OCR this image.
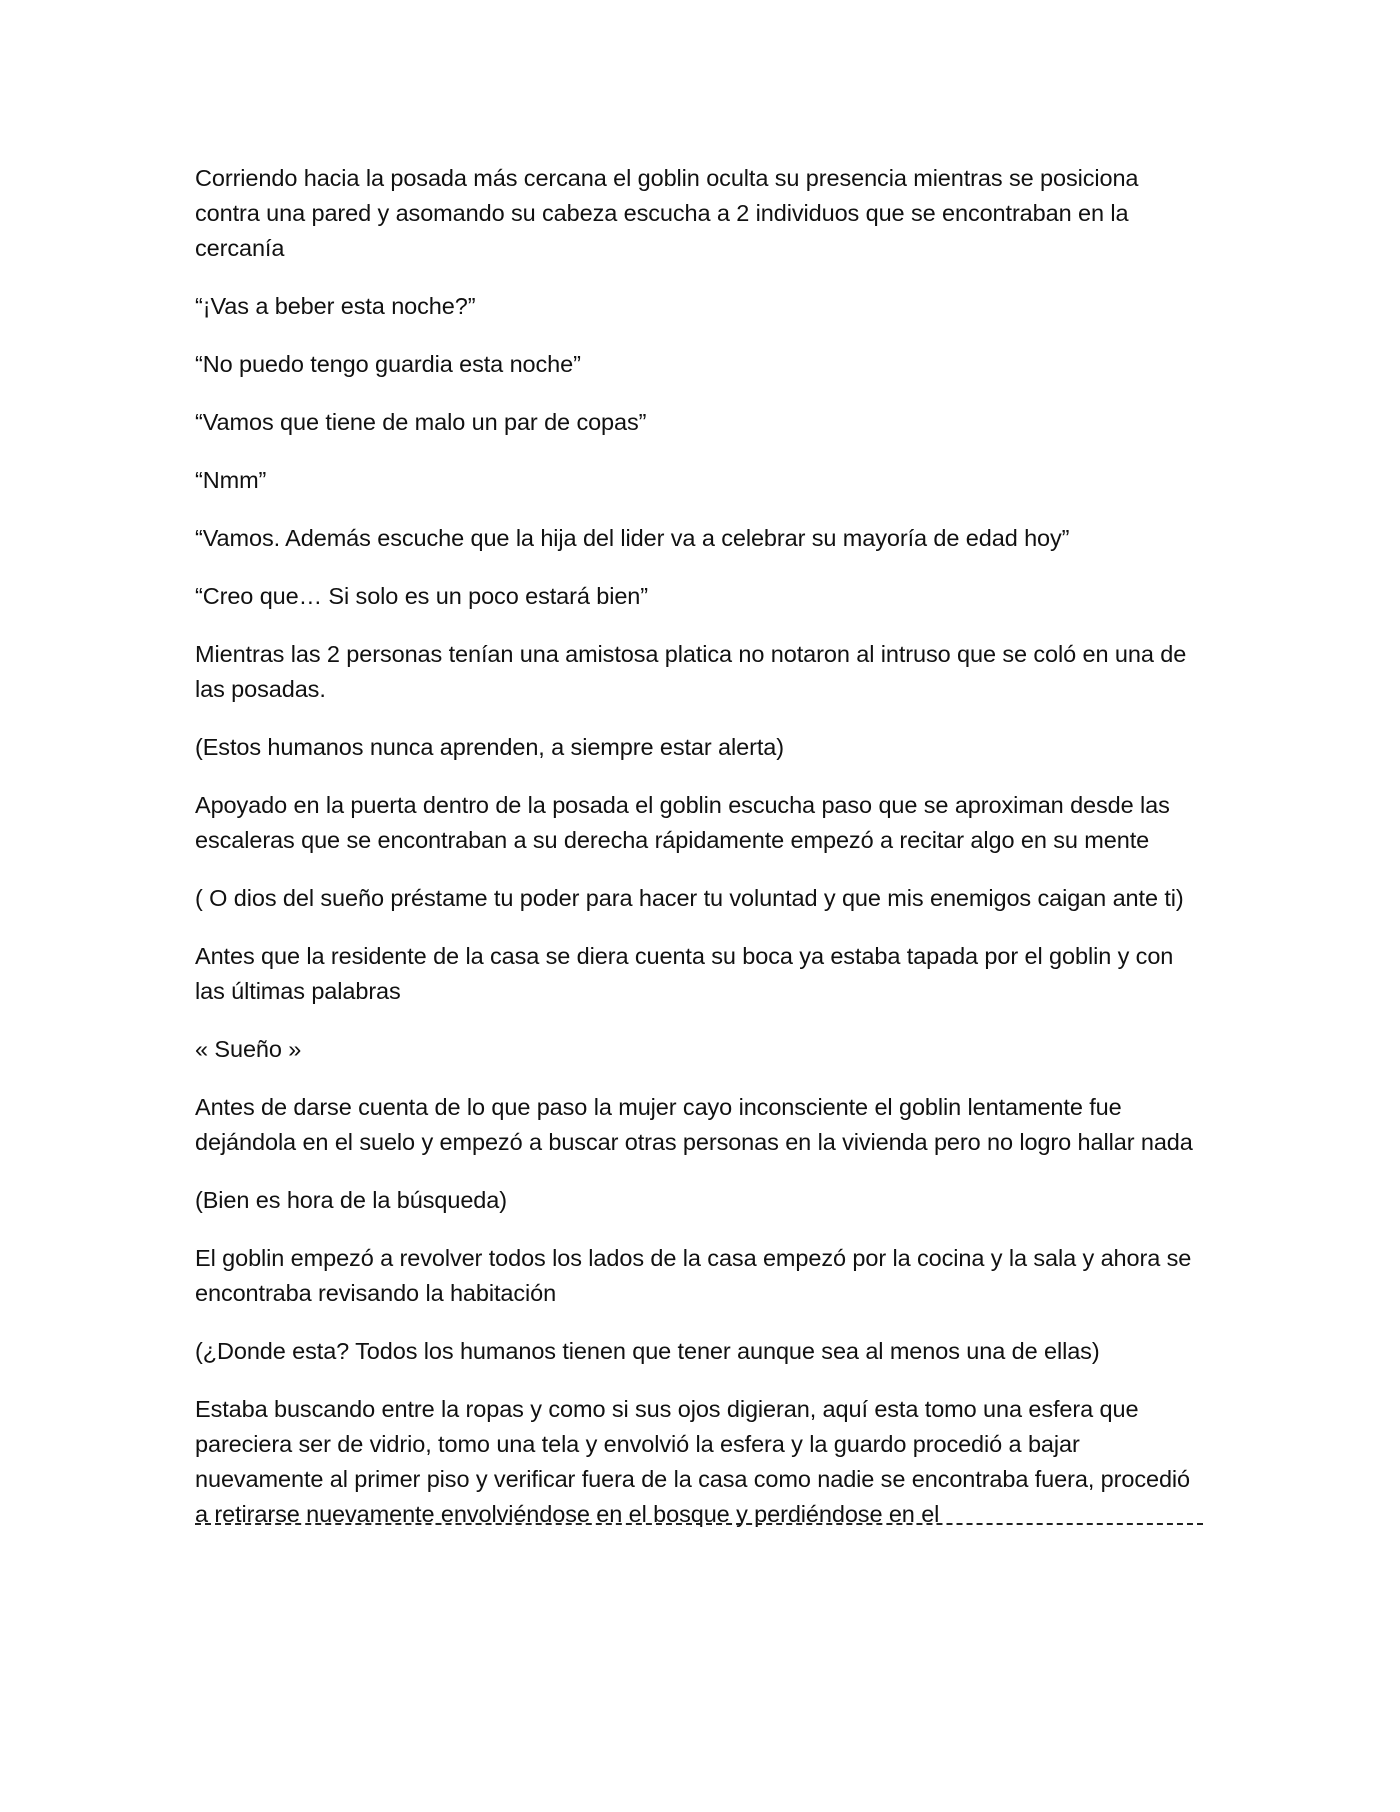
Corriendo hacia la posada más cercana el goblin oculta su presencia mientras se posiciona contra una pared y asomando su cabeza escucha a 2 individuos que se encontraban en la cercanía

“¡Vas a beber esta noche?”

“No puedo tengo guardia esta noche”

“Vamos que tiene de malo un par de copas”

“Nmm”

“Vamos. Además escuche que la hija del lider va a celebrar su mayoría de edad hoy”

“Creo que… Si solo es un poco estará bien”

Mientras las 2 personas tenían una amistosa platica no notaron al intruso que se coló en una de las posadas.

(Estos humanos nunca aprenden, a siempre estar alerta)

Apoyado en la puerta dentro de la posada el goblin escucha paso que se aproximan desde las escaleras que se encontraban a su derecha rápidamente empezó a recitar algo en su mente

( O dios del sueño préstame tu poder para hacer tu voluntad y que mis enemigos caigan ante ti)

Antes que la residente de la casa se diera cuenta su boca ya estaba tapada por el goblin y con las últimas palabras

« Sueño »

Antes de darse cuenta de lo que paso la mujer cayo inconsciente el goblin lentamente fue dejándola en el suelo y empezó a buscar otras personas en la vivienda pero no logro hallar nada

(Bien es hora de la búsqueda)

El goblin empezó a revolver todos los lados de la casa empezó por la cocina y la sala y ahora se encontraba revisando la habitación

(¿Donde esta? Todos los humanos tienen que tener aunque sea al menos una de ellas)

Estaba buscando entre la ropas y como si sus ojos digieran, aquí esta tomo una esfera que pareciera ser de vidrio, tomo una tela y envolvió la esfera y la guardo procedió a bajar nuevamente al primer piso y verificar fuera de la casa como nadie se encontraba fuera, procedió a retirarse nuevamente envolviéndose en el bosque y perdiéndose en el
